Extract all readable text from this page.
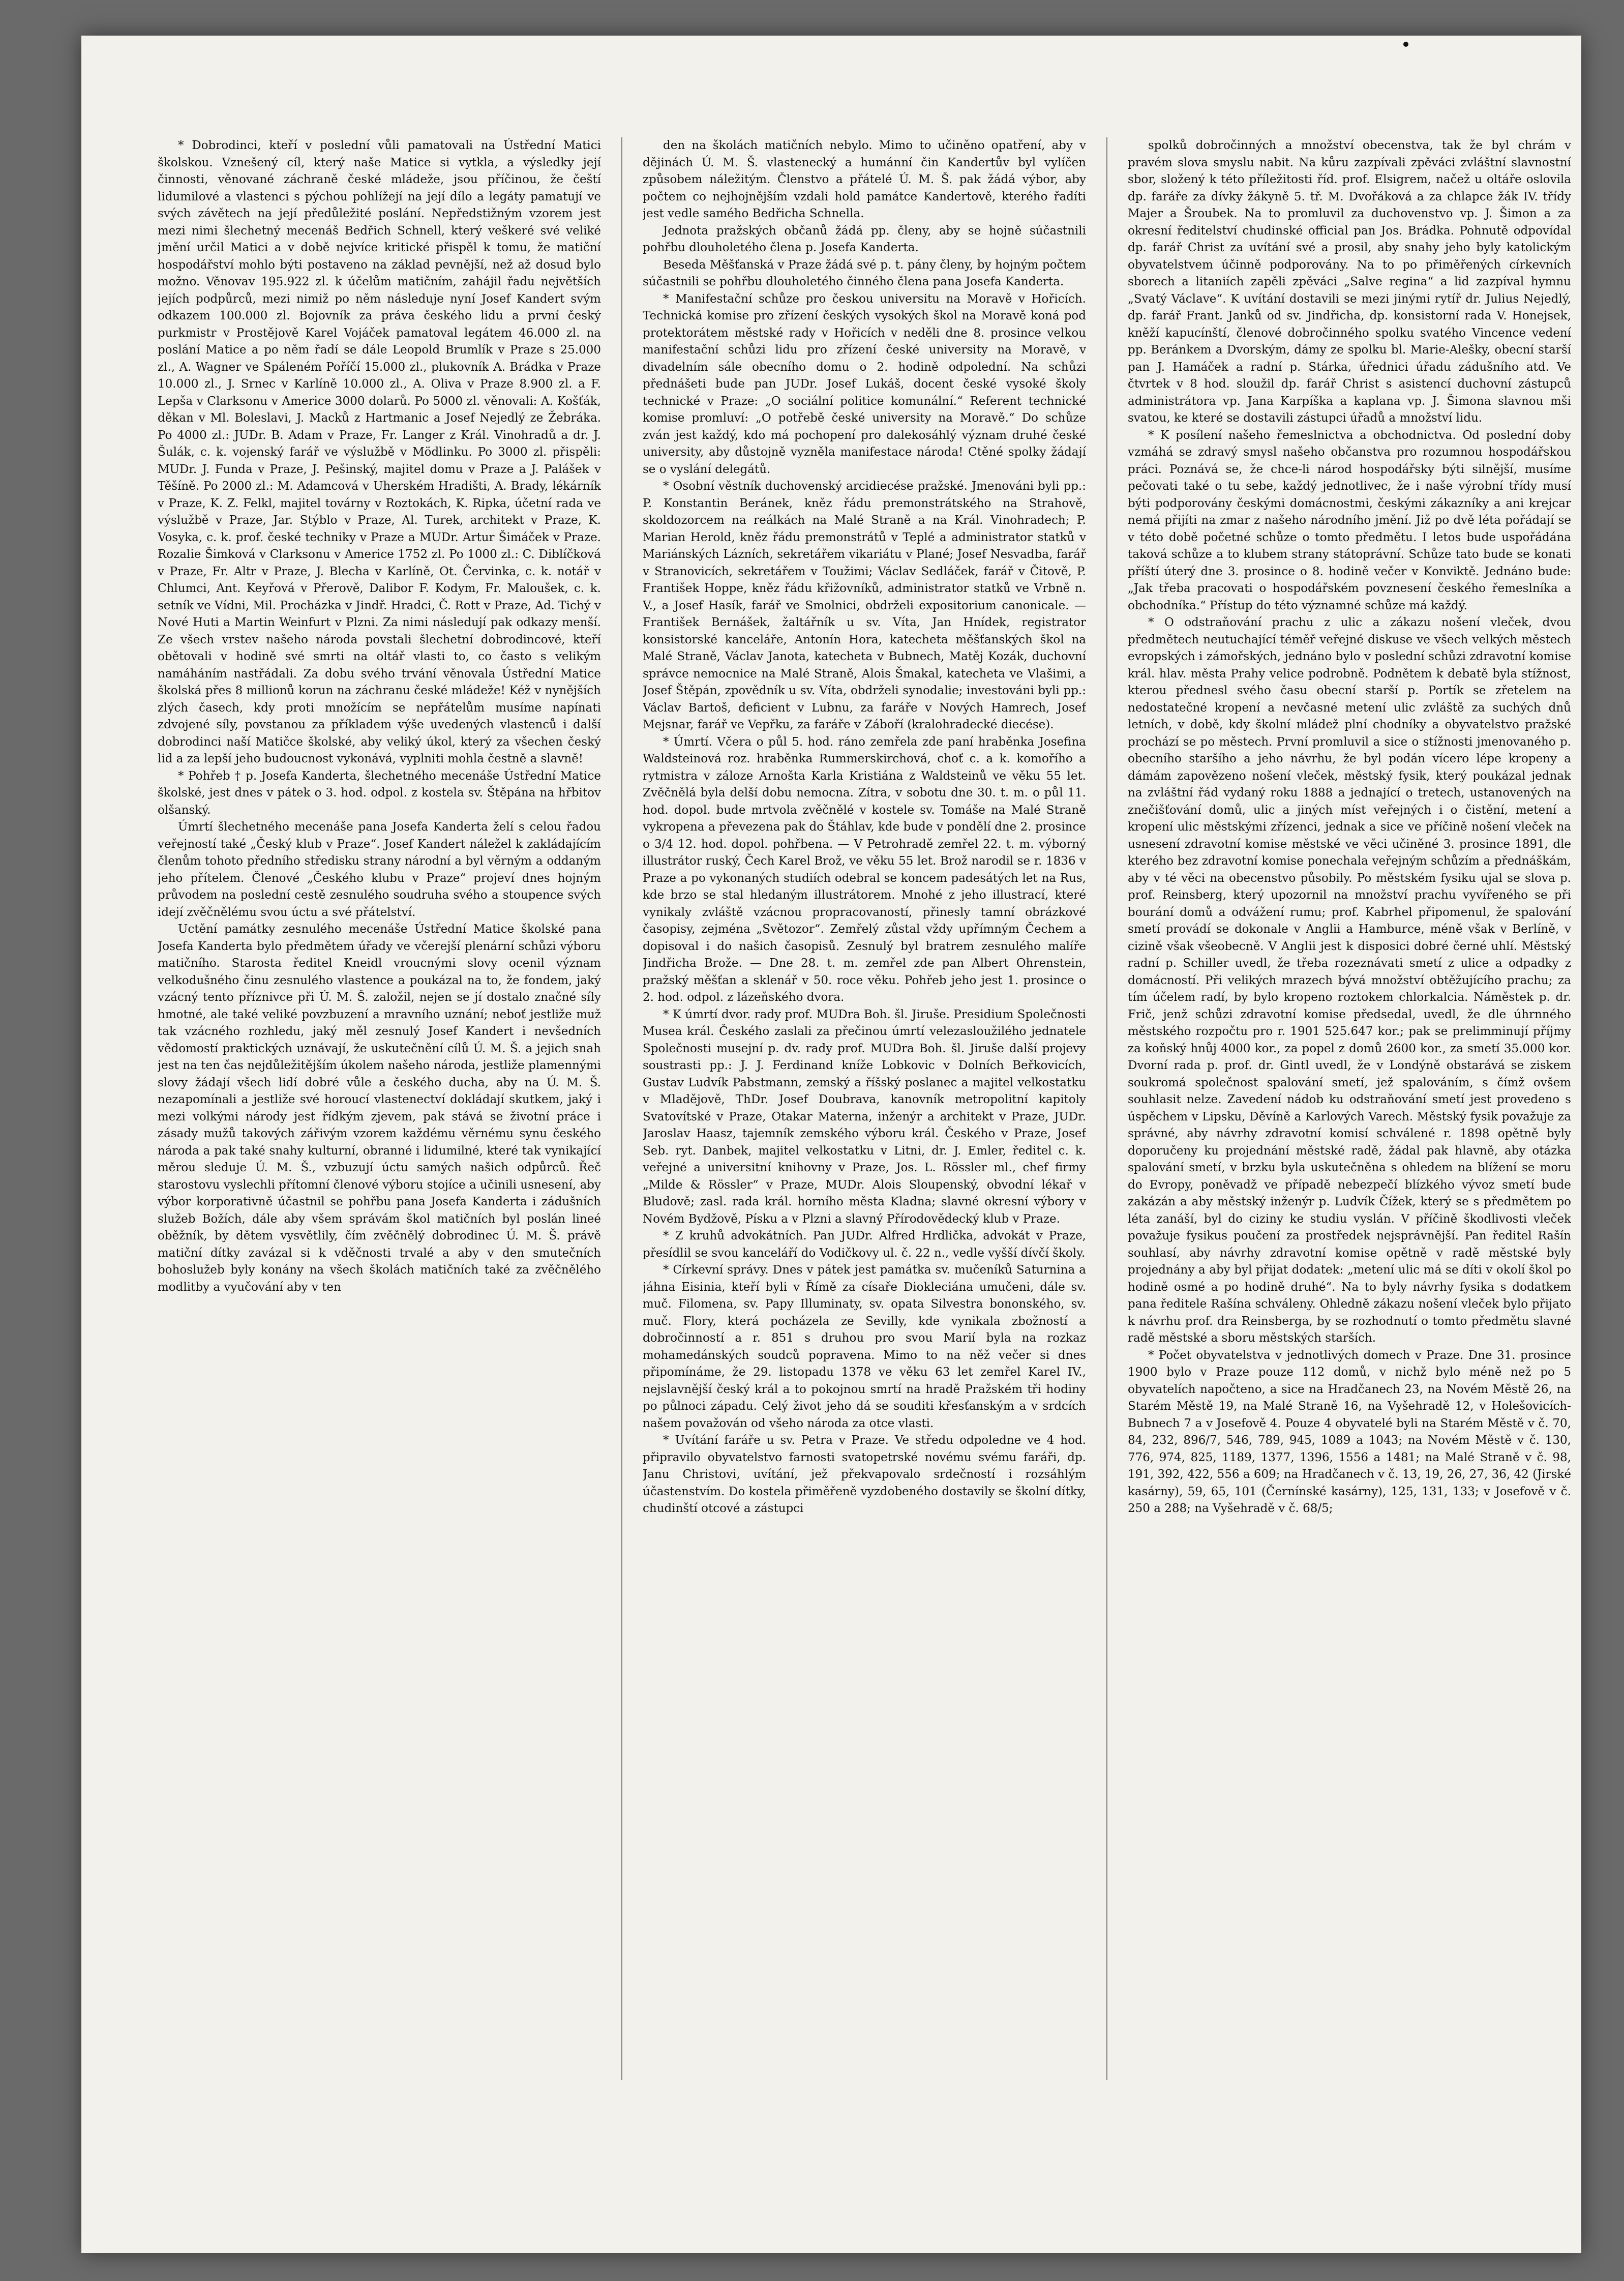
* Dobrodinci, kteří v poslední vůli pamatovali na Ústřední Matici školskou. Vznešený cíl, který naše Matice si vytkla, a výsledky její činnosti, věnované záchraně české mládeže, jsou příčinou, že čeští lidumilové a vlastenci s pýchou pohlížejí na její dílo a legáty pamatují ve svých závětech na její předůležité poslání. Nepředstižným vzorem jest mezi nimi šlechetný mecenáš Bedřich Schnell, který veškeré své veliké jmění určil Matici a v době nejvíce kritické přispěl k tomu, že matiční hospodářství mohlo býti postaveno na základ pevnější, než až dosud bylo možno. Věnovav 195.922 zl. k účelům matičním, zahájil řadu největších jejích podpůrců, mezi nimiž po něm následuje nyní Josef Kandert svým odkazem 100.000 zl. Bojovník za práva českého lidu a první český purkmistr v Prostějově Karel Vojáček pamatoval legátem 46.000 zl. na poslání Matice a po něm řadí se dále Leopold Brumlík v Praze s 25.000 zl., A. Wagner ve Spáleném Poříčí 15.000 zl., plukovník A. Brádka v Praze 10.000 zl., J. Srnec v Karlíně 10.000 zl., A. Oliva v Praze 8.900 zl. a F. Lepša v Clarksonu v Americe 3000 dolarů. Po 5000 zl. věnovali: A. Košťák, děkan v Ml. Boleslavi, J. Macků z Hartmanic a Josef Nejedlý ze Žebráka. Po 4000 zl.: JUDr. B. Adam v Praze, Fr. Langer z Král. Vinohradů a dr. J. Šulák, c. k. vojenský farář ve výslužbě v Mödlinku. Po 3000 zl. přispěli: MUDr. J. Funda v Praze, J. Pešinský, majitel domu v Praze a J. Palášek v Těšíně. Po 2000 zl.: M. Adamcová v Uherském Hradišti, A. Brady, lékárník v Praze, K. Z. Felkl, majitel továrny v Roztokách, K. Ripka, účetní rada ve výslužbě v Praze, Jar. Stýblo v Praze, Al. Turek, architekt v Praze, K. Vosyka, c. k. prof. české techniky v Praze a MUDr. Artur Šimáček v Praze. Rozalie Šimková v Clarksonu v Americe 1752 zl. Po 1000 zl.: C. Diblíčková v Praze, Fr. Altr v Praze, J. Blecha v Karlíně, Ot. Červinka, c. k. notář v Chlumci, Ant. Keyřová v Přerově, Dalibor F. Kodym, Fr. Maloušek, c. k. setník ve Vídni, Mil. Procházka v Jindř. Hradci, Č. Rott v Praze, Ad. Tichý v Nové Huti a Martin Weinfurt v Plzni. Za nimi následují pak odkazy menší. Ze všech vrstev našeho národa povstali šlechetní dobrodincové, kteří obětovali v hodině své smrti na oltář vlasti to, co často s velikým namáháním nastřádali. Za dobu svého trvání věnovala Ústřední Matice školská přes 8 millionů korun na záchranu české mládeže! Kéž v nynějších zlých časech, kdy proti množícím se nepřátelům musíme napínati zdvojené síly, povstanou za příkladem výše uvedených vlastenců i další dobrodinci naší Matičce školské, aby veliký úkol, který za všechen český lid a za lepší jeho budoucnost vykonává, vyplniti mohla čestně a slavně!

* Pohřeb † p. Josefa Kanderta, šlechetného mecenáše Ústřední Matice školské, jest dnes v pátek o 3. hod. odpol. z kostela sv. Štěpána na hřbitov olšanský.

Úmrtí šlechetného mecenáše pana Josefa Kanderta želí s celou řadou veřejností také „Český klub v Praze“. Josef Kandert náležel k zakládajícím členům tohoto předního středisku strany národní a byl věrným a oddaným jeho přítelem. Členové „Českého klubu v Praze“ projeví dnes hojným průvodem na poslední cestě zesnulého soudruha svého a stoupence svých idejí zvěčnělému svou úctu a své přátelství.

Uctění památky zesnulého mecenáše Ústřední Matice školské pana Josefa Kanderta bylo předmětem úřady ve včerejší plenární schůzi výboru matičního. Starosta ředitel Kneidl vroucnými slovy ocenil význam velkodušného činu zesnulého vlastence a poukázal na to, že fondem, jaký vzácný tento příznivce při Ú. M. Š. založil, nejen se jí dostalo značné síly hmotné, ale také veliké povzbuzení a mravního uznání; neboť jestliže muž tak vzácného rozhledu, jaký měl zesnulý Josef Kandert i nevšedních vědomostí praktických uznávají, že uskutečnění cílů Ú. M. Š. a jejich snah jest na ten čas nejdůležitějším úkolem našeho národa, jestliže plamennými slovy žádají všech lidí dobré vůle a českého ducha, aby na Ú. M. Š. nezapomínali a jestliže své horoucí vlastenectví dokládají skutkem, jaký i mezi volkými národy jest řídkým zjevem, pak stává se životní práce i zásady mužů takových zářivým vzorem každému věrnému synu českého národa a pak také snahy kulturní, obranné i lidumilné, které tak vynikající měrou sleduje Ú. M. Š., vzbuzují úctu samých našich odpůrců. Řeč starostovu vyslechli přítomní členové výboru stojíce a učinili usnesení, aby výbor korporativně účastnil se pohřbu pana Josefa Kanderta i zádušních služeb Božích, dále aby všem správám škol matičních byl poslán lineé oběžník, by dětem vysvětlily, čím zvěčnělý dobrodinec Ú. M. Š. právě matiční dítky zavázal si k vděčnosti trvalé a aby v den smutečních bohoslužeb byly konány na všech školách matičních také za zvěčnělého modlitby a vyučování aby v ten

den na školách matičních nebylo. Mimo to učiněno opatření, aby v dějinách Ú. M. Š. vlastenecký a humánní čin Kandertův byl vylíčen způsobem náležitým. Členstvo a přátelé Ú. M. Š. pak žádá výbor, aby počtem co nejhojnějším vzdali hold památce Kandertově, kterého řadíti jest vedle samého Bedřicha Schnella.

Jednota pražských občanů žádá pp. členy, aby se hojně súčastnili pohřbu dlouholetého člena p. Josefa Kanderta.

Beseda Měšťanská v Praze žádá své p. t. pány členy, by hojným počtem súčastnili se pohřbu dlouholetého činného člena pana Josefa Kanderta.

* Manifestační schůze pro českou universitu na Moravě v Hořicích. Technická komise pro zřízení českých vysokých škol na Moravě koná pod protektorátem městské rady v Hořicích v neděli dne 8. prosince velkou manifestační schůzi lidu pro zřízení české university na Moravě, v divadelním sále obecního domu o 2. hodině odpolední. Na schůzi přednášeti bude pan JUDr. Josef Lukáš, docent české vysoké školy technické v Praze: „O sociální politice komunální.“ Referent technické komise promluví: „O potřebě české university na Moravě.“ Do schůze zván jest každý, kdo má pochopení pro dalekosáhlý význam druhé české university, aby důstojně vyzněla manifestace národa! Ctěné spolky žádají se o vyslání delegátů.

* Osobní věstník duchovenský arcidiecése pražské. Jmenováni byli pp.: P. Konstantin Beránek, kněz řádu premonstrátského na Strahově, skoldozorcem na reálkách na Malé Straně a na Král. Vinohradech; P. Marian Herold, kněz řádu premonstrátů v Teplé a administrator statků v Mariánských Lázních, sekretářem vikariátu v Plané; Josef Nesvadba, farář v Stranovicích, sekretářem v Toužimi; Václav Sedláček, farář v Čitově, P. František Hoppe, kněz řádu křižovníků, administrator statků ve Vrbně n. V., a Josef Hasík, farář ve Smolnici, obdrželi expositorium canonicale. — František Bernášek, žaltářník u sv. Víta, Jan Hnídek, registrator konsistorské kanceláře, Antonín Hora, katecheta měšťanských škol na Malé Straně, Václav Janota, katecheta v Bubnech, Matěj Kozák, duchovní správce nemocnice na Malé Straně, Alois Šmakal, katecheta ve Vlašimi, a Josef Štěpán, zpovědník u sv. Víta, obdrželi synodalie; investováni byli pp.: Václav Bartoš, deficient v Lubnu, za faráře v Nových Hamrech, Josef Mejsnar, farář ve Vepřku, za faráře v Záboří (kralohradecké diecése).

* Úmrtí. Včera o půl 5. hod. ráno zemřela zde paní hraběnka Josefina Waldsteinová roz. hraběnka Rummerskirchová, choť c. a k. komořího a rytmistra v záloze Arnošta Karla Kristiána z Waldsteinů ve věku 55 let. Zvěčnělá byla delší dobu nemocna. Zítra, v sobotu dne 30. t. m. o půl 11. hod. dopol. bude mrtvola zvěčnělé v kostele sv. Tomáše na Malé Straně vykropena a převezena pak do Štáhlav, kde bude v pondělí dne 2. prosince o 3/4 12. hod. dopol. pohřbena. — V Petrohradě zemřel 22. t. m. výborný illustrátor ruský, Čech Karel Brož, ve věku 55 let. Brož narodil se r. 1836 v Praze a po vykonaných studiích odebral se koncem padesátých let na Rus, kde brzo se stal hledaným illustrátorem. Mnohé z jeho illustrací, které vynikaly zvláště vzácnou propracovaností, přinesly tamní obrázkové časopisy, zejména „Světozor“. Zemřelý zůstal vždy upřímným Čechem a dopisoval i do našich časopisů. Zesnulý byl bratrem zesnulého malíře Jindřicha Brože. — Dne 28. t. m. zemřel zde pan Albert Ohrenstein, pražský měšťan a sklenář v 50. roce věku. Pohřeb jeho jest 1. prosince o 2. hod. odpol. z lázeňského dvora.

* K úmrtí dvor. rady prof. MUDra Boh. šl. Jiruše. Presidium Společnosti Musea král. Českého zaslali za přečinou úmrtí velezasloužilého jednatele Společnosti musejní p. dv. rady prof. MUDra Boh. šl. Jiruše další projevy soustrasti pp.: J. J. Ferdinand kníže Lobkovic v Dolních Beřkovicích, Gustav Ludvík Pabstmann, zemský a říšský poslanec a majitel velkostatku v Mladějově, ThDr. Josef Doubrava, kanovník metropolitní kapitoly Svatovítské v Praze, Otakar Materna, inženýr a architekt v Praze, JUDr. Jaroslav Haasz, tajemník zemského výboru král. Českého v Praze, Josef Seb. ryt. Danbek, majitel velkostatku v Litni, dr. J. Emler, ředitel c. k. veřejné a universitní knihovny v Praze, Jos. L. Rössler ml., chef firmy „Milde & Rössler“ v Praze, MUDr. Alois Sloupenský, obvodní lékař v Bludově; zasl. rada král. horního města Kladna; slavné okresní výbory v Novém Bydžově, Písku a v Plzni a slavný Přírodovědecký klub v Praze.

* Z kruhů advokátních. Pan JUDr. Alfred Hrdlička, advokát v Praze, přesídlil se svou kanceláří do Vodičkovy ul. č. 22 n., vedle vyšší dívčí školy.

* Církevní správy. Dnes v pátek jest památka sv. mučeníků Saturnina a jáhna Eisinia, kteří byli v Římě za císaře Diokleciána umučeni, dále sv. muč. Filomena, sv. Papy Illuminaty, sv. opata Silvestra bononského, sv. muč. Flory, která pocházela ze Sevilly, kde vynikala zbožností a dobročinností a r. 851 s druhou pro svou Marií byla na rozkaz mohamedánských soudců popravena. Mimo to na něž večer si dnes připomínáme, že 29. listopadu 1378 ve věku 63 let zemřel Karel IV., nejslavnější český král a to pokojnou smrtí na hradě Pražském tři hodiny po půlnoci západu. Celý život jeho dá se souditi křesťanským a v srdcích našem považován od všeho národa za otce vlasti.

* Uvítání faráře u sv. Petra v Praze. Ve středu odpoledne ve 4 hod. připravilo obyvatelstvo farnosti svatopetrské novému svému faráři, dp. Janu Christovi, uvítání, jež překvapovalo srdečností i rozsáhlým účastenstvím. Do kostela přiměřeně vyzdobeného dostavily se školní dítky, chudinští otcové a zástupci

spolků dobročinných a množství obecenstva, tak že byl chrám v pravém slova smyslu nabit. Na kůru zazpívali zpěváci zvláštní slavnostní sbor, složený k této příležitosti říd. prof. Elsigrem, načež u oltáře oslovila dp. faráře za dívky žákyně 5. tř. M. Dvořáková a za chlapce žák IV. třídy Majer a Šroubek. Na to promluvil za duchovenstvo vp. J. Šimon a za okresní ředitelství chudinské official pan Jos. Brádka. Pohnutě odpovídal dp. farář Christ za uvítání své a prosil, aby snahy jeho byly katolickým obyvatelstvem účinně podporovány. Na to po přiměřených církevních sborech a litaniích zapěli zpěváci „Salve regina“ a lid zazpíval hymnu „Svatý Václave“. K uvítání dostavili se mezi jinými rytíř dr. Julius Nejedlý, dp. farář Frant. Janků od sv. Jindřicha, dp. konsistorní rada V. Honejsek, kněží kapucínští, členové dobročinného spolku svatého Vincence vedení pp. Beránkem a Dvorským, dámy ze spolku bl. Marie-Alešky, obecní starší pan J. Hamáček a radní p. Stárka, úřednici úřadu zádušního atd. Ve čtvrtek v 8 hod. sloužil dp. farář Christ s asistencí duchovní zástupců administrátora vp. Jana Karpíška a kaplana vp. J. Šimona slavnou mši svatou, ke které se dostavili zástupci úřadů a množství lidu.

* K posílení našeho řemeslnictva a obchodnictva. Od poslední doby vzmáhá se zdravý smysl našeho občanstva pro rozumnou hospodářskou práci. Poznává se, že chce-li národ hospodářsky býti silnější, musíme pečovati také o tu sebe, každý jednotlivec, že i naše výrobní třídy musí býti podporovány českými domácnostmi, českými zákazníky a ani krejcar nemá přijíti na zmar z našeho národního jmění. Již po dvě léta pořádají se v této době početné schůze o tomto předmětu. I letos bude uspořádána taková schůze a to klubem strany státoprávní. Schůze tato bude se konati příští úterý dne 3. prosince o 8. hodině večer v Konviktě. Jednáno bude: „Jak třeba pracovati o hospodářském povznesení českého řemeslníka a obchodníka.“ Přístup do této významné schůze má každý.

* O odstraňování prachu z ulic a zákazu nošení vleček, dvou předmětech neutuchající téměř veřejné diskuse ve všech velkých městech evropských i zámořských, jednáno bylo v poslední schůzi zdravotní komise král. hlav. města Prahy velice podrobně. Podnětem k debatě byla stížnost, kterou přednesl svého času obecní starší p. Portík se zřetelem na nedostatečné kropení a nevčasné metení ulic zvláště za suchých dnů letních, v době, kdy školní mládež plní chodníky a obyvatelstvo pražské prochází se po městech. První promluvil a sice o stížnosti jmenovaného p. obecního staršího a jeho návrhu, že byl podán vícero lépe kropeny a dámám zapovězeno nošení vleček, městský fysik, který poukázal jednak na zvláštní řád vydaný roku 1888 a jednající o tretech, ustanovených na znečišťování domů, ulic a jiných míst veřejných i o čistění, metení a kropení ulic městskými zřízenci, jednak a sice ve příčině nošení vleček na usnesení zdravotní komise městské ve věci učiněné 3. prosince 1891, dle kterého bez zdravotní komise ponechala veřejným schůzím a přednáškám, aby v té věci na obecenstvo působily. Po městském fysiku ujal se slova p. prof. Reinsberg, který upozornil na množství prachu vyvířeného se při bourání domů a odvážení rumu; prof. Kabrhel připomenul, že spalování smetí provádí se dokonale v Anglii a Hamburce, méně však v Berlíně, v cizině však všeobecně. V Anglii jest k disposici dobré černé uhlí. Městský radní p. Schiller uvedl, že třeba rozeznávati smetí z ulice a odpadky z domácností. Při velikých mrazech bývá množství obtěžujícího prachu; za tím účelem radí, by bylo kropeno roztokem chlorkalcia. Náměstek p. dr. Frič, jenž schůzi zdravotní komise předsedal, uvedl, že dle úhrnného městského rozpočtu pro r. 1901 525.647 kor.; pak se prelimminují příjmy za koňský hnůj 4000 kor., za popel z domů 2600 kor., za smetí 35.000 kor. Dvorní rada p. prof. dr. Gintl uvedl, že v Londýně obstarává se ziskem soukromá společnost spalování smetí, jež spalováním, s čímž ovšem souhlasit nelze. Zavedení nádob ku odstraňování smetí jest provedeno s úspěchem v Lipsku, Děvíně a Karlových Varech. Městský fysik považuje za správné, aby návrhy zdravotní komisí schválené r. 1898 opětně byly doporučeny ku projednání městské radě, žádal pak hlavně, aby otázka spalování smetí, v brzku byla uskutečněna s ohledem na blížení se moru do Evropy, poněvadž ve případě nebezpečí blízkého vývoz smetí bude zakázán a aby městský inženýr p. Ludvík Čížek, který se s předmětem po léta zanáší, byl do ciziny ke studiu vyslán. V příčině škodlivosti vleček považuje fysikus poučení za prostředek nejsprávnější. Pan ředitel Rašín souhlasí, aby návrhy zdravotní komise opětně v radě městské byly projednány a aby byl přijat dodatek: „metení ulic má se díti v okolí škol po hodině osmé a po hodině druhé“. Na to byly návrhy fysika s dodatkem pana ředitele Rašína schváleny. Ohledně zákazu nošení vleček bylo přijato k návrhu prof. dra Reinsberga, by se rozhodnutí o tomto předmětu slavné radě městské a sboru městských starších.

* Počet obyvatelstva v jednotlivých domech v Praze. Dne 31. prosince 1900 bylo v Praze pouze 112 domů, v nichž bylo méně než po 5 obyvatelích napočteno, a sice na Hradčanech 23, na Novém Městě 26, na Starém Městě 19, na Malé Straně 16, na Vyšehradě 12, v Holešovicích-Bubnech 7 a v Josefově 4. Pouze 4 obyvatelé byli na Starém Městě v č. 70, 84, 232, 896/7, 546, 789, 945, 1089 a 1043; na Novém Městě v č. 130, 776, 974, 825, 1189, 1377, 1396, 1556 a 1481; na Malé Straně v č. 98, 191, 392, 422, 556 a 609; na Hradčanech v č. 13, 19, 26, 27, 36, 42 (Jirské kasárny), 59, 65, 101 (Černínské kasárny), 125, 131, 133; v Josefově v č. 250 a 288; na Vyšehradě v č. 68/5;
